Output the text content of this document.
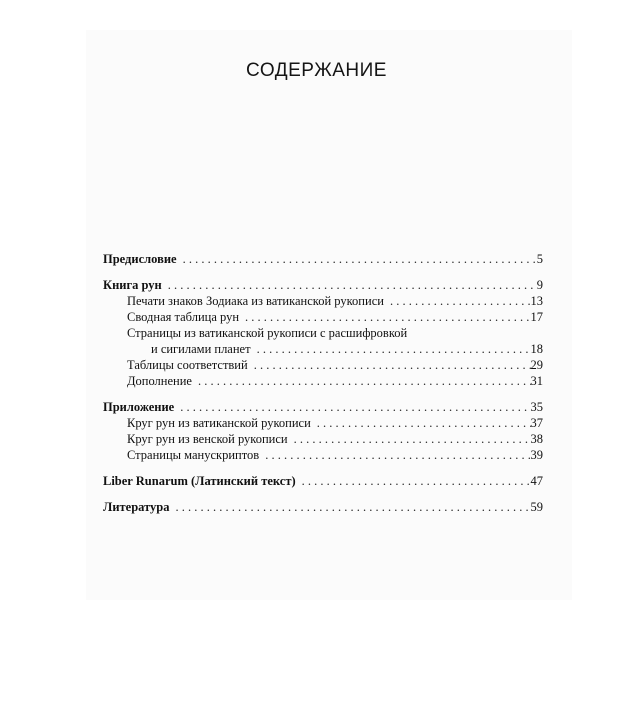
СОДЕРЖАНИЕ
Предисловие . . .	5
Книга рун . . .	9
Печати знаков Зодиака из ватиканской рукописи . . .	13
Сводная таблица рун . . .	17
Страницы из ватиканской рукописи с расшифровкой
и сигилами планет . . .	18
Таблицы соответствий . . .	29
Дополнение . . .	31
Приложение . . .	35
Круг рун из ватиканской рукописи . . .	37
Круг рун из венской рукописи . . .	38
Страницы манускриптов . . .	39
Liber Runarum (Латинский текст) . . .	47
Литература . . .	59
